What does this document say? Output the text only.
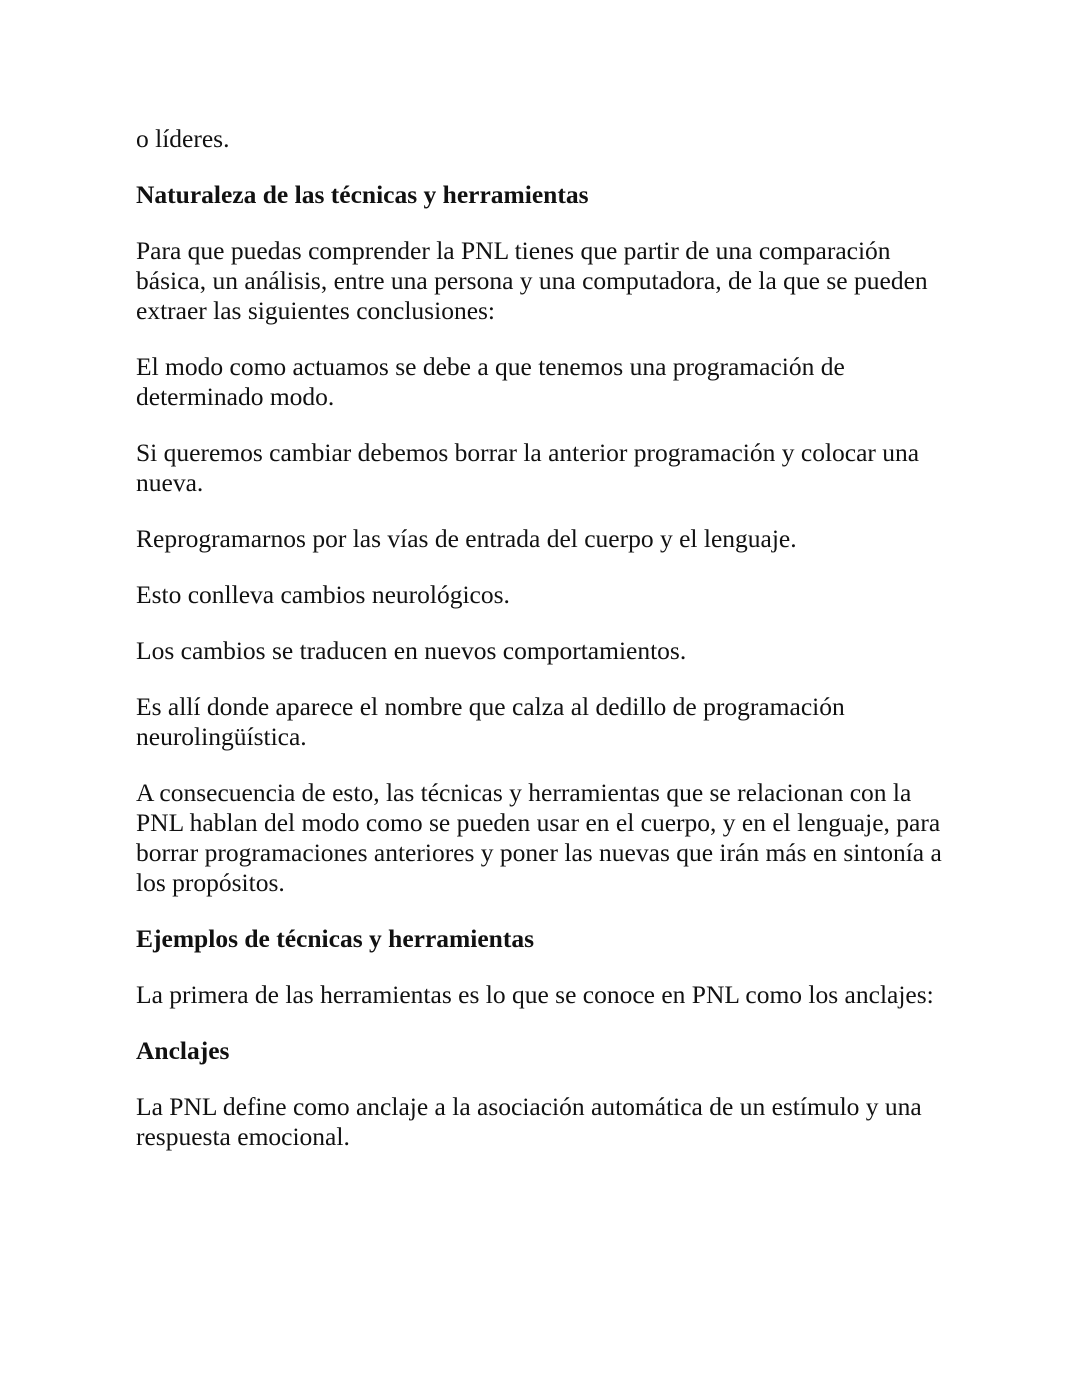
o líderes.

Naturaleza de las técnicas y herramientas

Para que puedas comprender la PNL tienes que partir de una comparación básica, un análisis, entre una persona y una computadora, de la que se pueden extraer las siguientes conclusiones:

El modo como actuamos se debe a que tenemos una programación de determinado modo.

Si queremos cambiar debemos borrar la anterior programación y colocar una nueva.

Reprogramarnos por las vías de entrada del cuerpo y el lenguaje.

Esto conlleva cambios neurológicos.

Los cambios se traducen en nuevos comportamientos.

Es allí donde aparece el nombre que calza al dedillo de programación neurolingüística.

A consecuencia de esto, las técnicas y herramientas que se relacionan con la PNL hablan del modo como se pueden usar en el cuerpo, y en el lenguaje, para borrar programaciones anteriores y poner las nuevas que irán más en sintonía a los propósitos.

Ejemplos de técnicas y herramientas

La primera de las herramientas es lo que se conoce en PNL como los anclajes:

Anclajes

La PNL define como anclaje a la asociación automática de un estímulo y una respuesta emocional.
